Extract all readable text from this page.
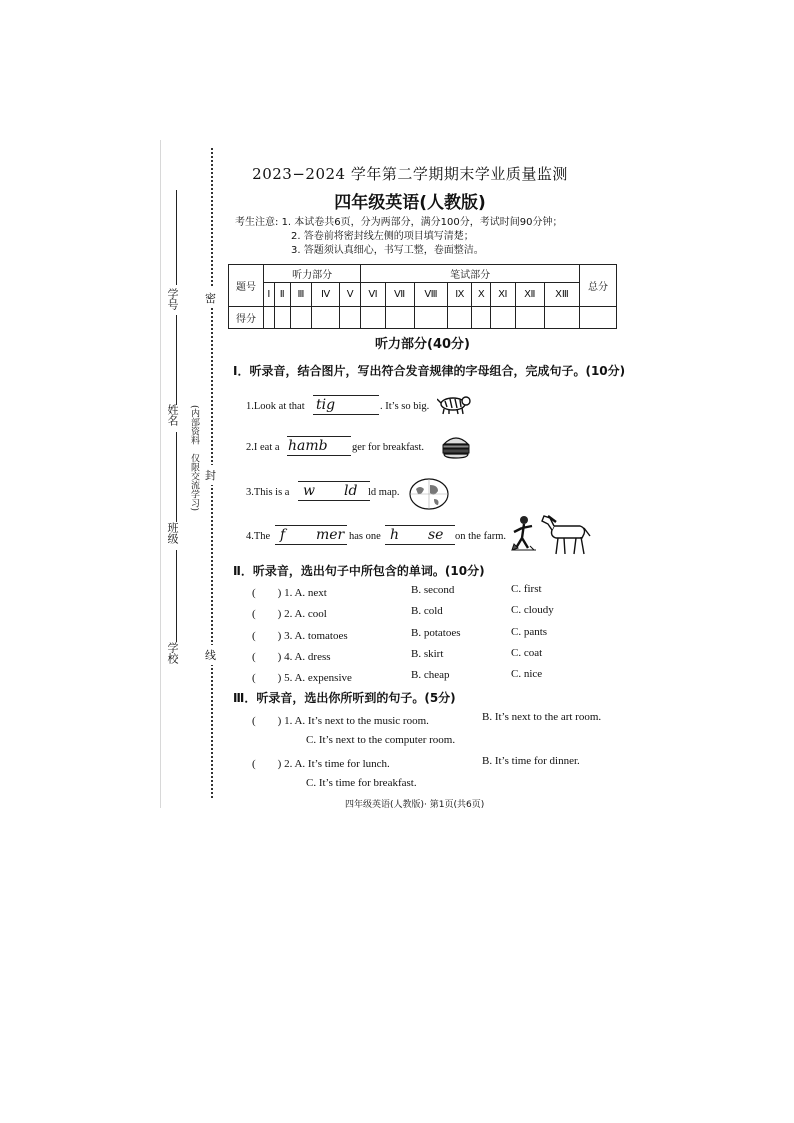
密
封
线
学号
姓名
班级
学校
(内部资料　仅限交流学习)
2023−2024 学年第二学期期末学业质量监测
四年级英语(人教版)
考生注意: 1. 本试卷共6页，分为两部分，满分100分，考试时间90分钟；
2. 答卷前将密封线左侧的项目填写清楚；
3. 答题须认真细心，书写工整，卷面整洁。
题号	听力部分					笔试部分								总分
	Ⅰ	Ⅱ	Ⅲ	Ⅳ	Ⅴ	Ⅵ	Ⅶ	Ⅷ	Ⅸ	Ⅹ	Ⅺ	Ⅻ	ⅩⅢ	
得分														
听力部分(40分)
Ⅰ．听录音，结合图片，写出符合发音规律的字母组合，完成句子。(10分)
1.Look at that tig	. It’s so big.
2.I eat a hamb ger for breakfast.
3.This is a w ld ld map.
4.The f mer has one h se on the farm.
Ⅱ．听录音，选出句子中所包含的单词。(10分)
(　　) 1. A. next	B. second	C. first
(　　) 2. A. cool	B. cold	C. cloudy
(　　) 3. A. tomatoes	B. potatoes	C. pants
(　　) 4. A. dress	B. skirt	C. coat
(　　) 5. A. expensive	B. cheap	C. nice
Ⅲ．听录音，选出你所听到的句子。(5分)
(　　) 1. A. It’s next to the music room.	B. It’s next to the art room.
C. It’s next to the computer room.
(　　) 2. A. It’s time for lunch.	B. It’s time for dinner.
C. It’s time for breakfast.
四年级英语(人教版)· 第1页(共6页)
